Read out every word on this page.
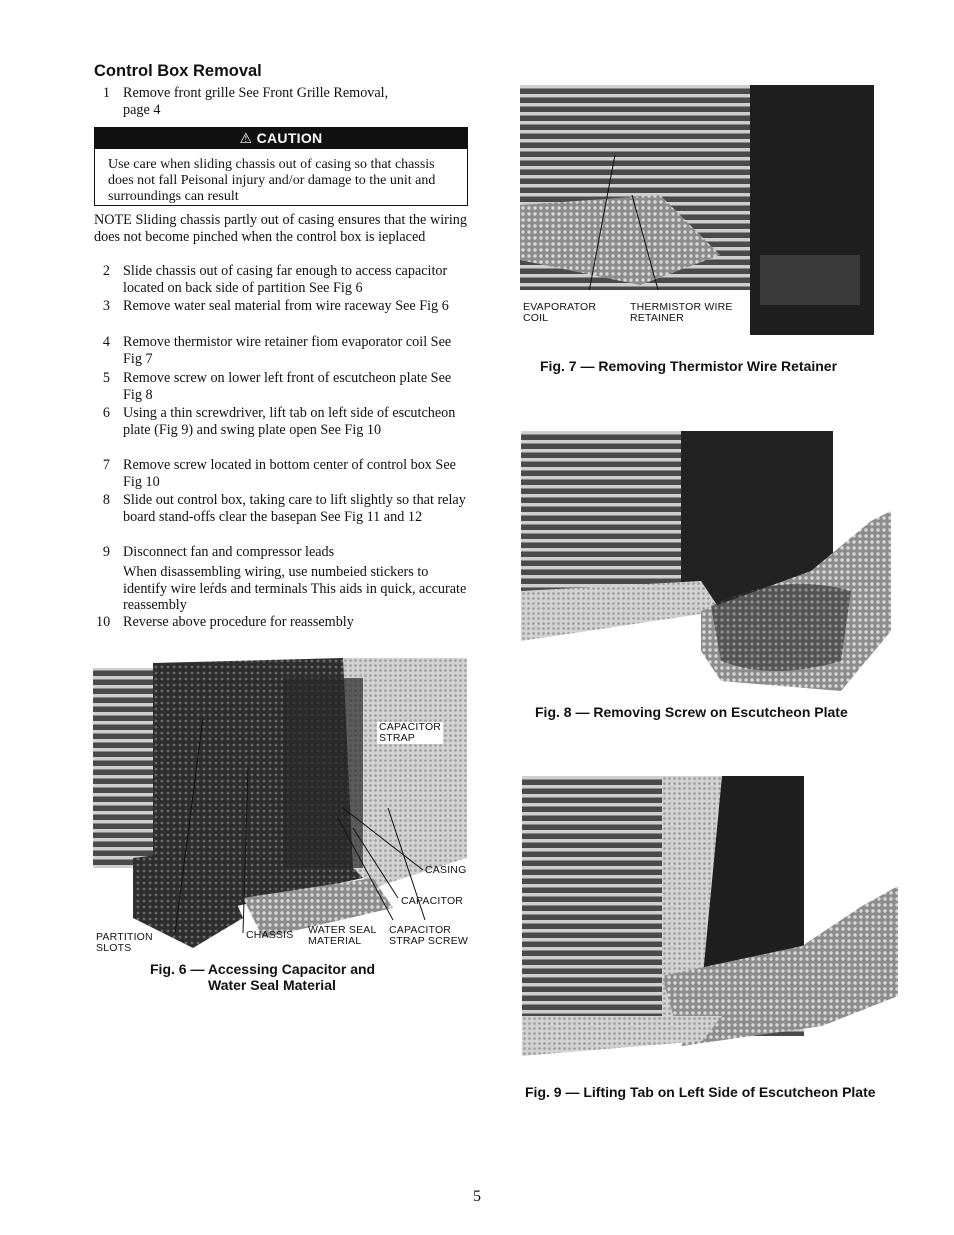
Control Box Removal
1 Remove front grille See Front Grille Removal, page 4
⚠ CAUTION
Use care when sliding chassis out of casing so that chassis does not fall Peisonal injury and/or damage to the unit and surroundings can result
NOTE Sliding chassis partly out of casing ensures that the wiring does not become pinched when the control box is ieplaced
2 Slide chassis out of casing far enough to access capacitor located on back side of partition See Fig 6
3 Remove water seal material from wire raceway See Fig 6
4 Remove thermistor wire retainer fiom evaporator coil See Fig 7
5 Remove screw on lower left front of escutcheon plate See Fig 8
6 Using a thin screwdriver, lift tab on left side of escutcheon plate (Fig 9) and swing plate open See Fig 10
7 Remove screw located in bottom center of control box See Fig 10
8 Slide out control box, taking care to lift slightly so that relay board stand-offs clear the basepan See Fig 11 and 12
9 Disconnect fan and compressor leads
When disassembling wiring, use numbeied stickers to identify wire leŕds and terminals This aids in quick, accurate reassembly
10 Reverse above procedure for reassembly
CAPACITOR
STRAP
CASING
CAPACITOR
PARTITION
SLOTS
CHASSIS WATER SEAL
MATERIAL
CAPACITOR
STRAP SCREW
Fig. 6 — Accessing Capacitor and
Water Seal Material
EVAPORATOR
COIL
THERMISTOR WIRE
RETAINER
Fig. 7 — Removing Thermistor Wire Retainer
Fig. 8 — Removing Screw on Escutcheon Plate
Fig. 9 — Lifting Tab on Left Side of Escutcheon Plate
5
